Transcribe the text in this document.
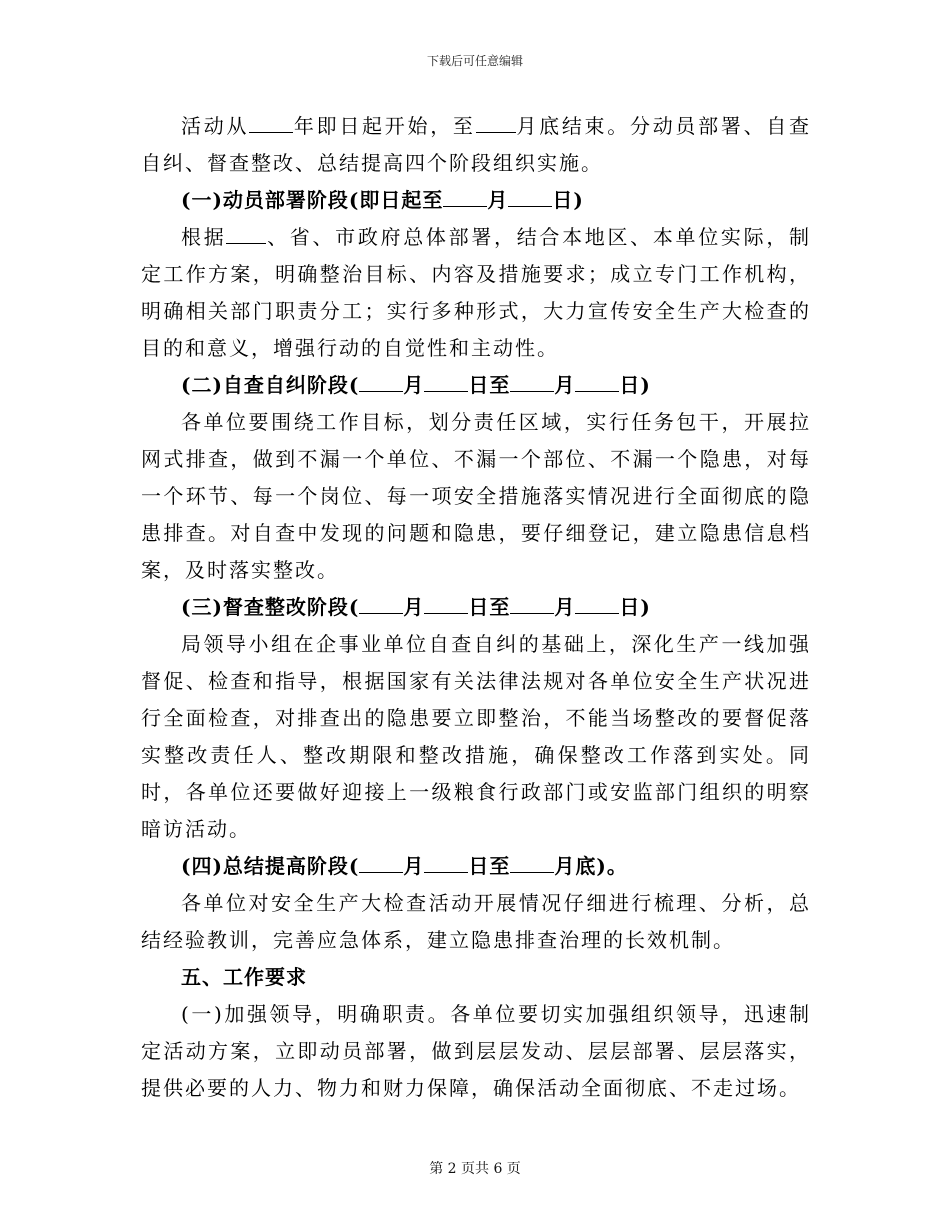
下载后可任意编辑

活动从 年即日起开始，至 月底结束。分动员部署、自查自纠、督查整改、总结提高四个阶段组织实施。

(一)动员部署阶段(即日起至 月 日)

根据 、省、市政府总体部署，结合本地区、本单位实际，制定工作方案，明确整治目标、内容及措施要求；成立专门工作机构，明确相关部门职责分工；实行多种形式，大力宣传安全生产大检查的目的和意义，增强行动的自觉性和主动性。

(二)自查自纠阶段( 月 日至 月 日)

各单位要围绕工作目标，划分责任区域，实行任务包干，开展拉网式排查，做到不漏一个单位、不漏一个部位、不漏一个隐患，对每一个环节、每一个岗位、每一项安全措施落实情况进行全面彻底的隐患排查。对自查中发现的问题和隐患，要仔细登记，建立隐患信息档案，及时落实整改。

(三)督查整改阶段( 月 日至 月 日)

局领导小组在企事业单位自查自纠的基础上，深化生产一线加强督促、检查和指导，根据国家有关法律法规对各单位安全生产状况进行全面检查，对排查出的隐患要立即整治，不能当场整改的要督促落实整改责任人、整改期限和整改措施，确保整改工作落到实处。同时，各单位还要做好迎接上一级粮食行政部门或安监部门组织的明察暗访活动。

(四)总结提高阶段( 月 日至 月底)。

各单位对安全生产大检查活动开展情况仔细进行梳理、分析，总结经验教训，完善应急体系，建立隐患排查治理的长效机制。

五、工作要求

(一)加强领导，明确职责。各单位要切实加强组织领导，迅速制定活动方案，立即动员部署，做到层层发动、层层部署、层层落实，提供必要的人力、物力和财力保障，确保活动全面彻底、不走过场。

第 2 页共 6 页
